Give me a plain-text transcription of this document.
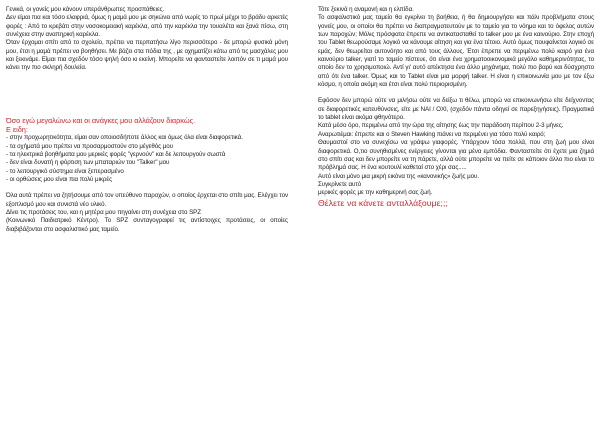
Γενικά, οι γονείς μου κάνουν υπεράνθρωπες προσπάθειες.

Δεν είμαι πια και τόσο ελαφριά, όμως η μαμά μου με σηκώνει από νωρίς το πρωί μέχρι το βράδυ αρκετές φορές : Από το κρεβάτι στην νοσοκομειακή καρέκλα, από την καρέκλα την τουαλέτα και ξανά πίσω, στη συνέχεια στην αναπηρική καρέκλα.

Όταν έρχομαι σπίτι από το σχολείο, πρέπει να περπατήσω λίγο περισσότερο - δε μπορώ φυσικά μόνη μου, έτσι η μαμά πρέπει να βοηθήσει. Με βάζει στα πόδια της , με οχηματίζει κάτω από τις μασχάλες μου και ξεκινάμε. Είμαι πια σχεδόν τόσο ψηλή όσο κι εκείνη. Μπορείτε να φανταστείτε λοιπόν σε τι μαμά μου κάνει την πιο σκληρή δουλεία.

Όσο εγώ μεγαλώνω και οι ανάγκες μου αλλάζουν διαρκώς.

Ε ειδη:

- στην προχωρητικότητα, είμαι σαν οποιοσδήποτε άλλος και όμως όλα είναι διαφορετικά.

- τα οχήματά μου πρέπει να προσαρμοστούν στο μέγεθός μου

- τα ηλεκτρικά βοηθήματα μου μερικές φορές "γερνούν" και δε λειτουργούν σωστά

- δεν είναι δυνατή η φόρτιση των μπαταριών του "Talker" μου

- το λειτουργικό σύστημα είναι ξεπερασμένο

- οι ορθώσεις μου είναι πια πολύ μικρές

Όλα αυτά πρέπει να ζητήσουμε από τον υπεύθυνο παροχών, ο οποίος έρχεται στο σπίτι μας. Ελέγχει τον εξοπλισμό μου και συνιστά νέο υλικό.

Δίνει τις προτάσεις του, και η μητέρα μου πηγαίνει στη συνέχεια στο SPZ

(Κοινωνικό Παιδιατρικό Κέντρο). Το SPZ συνταγογραφεί τις αντίστοιχες προτάσεις, οι οποίες διαβιβάζονται στο ασφαλιστικό μας ταμείο.

Τότε ξεκινά η αναμονή και η ελπίδα.

Το ασφαλιστικό μας ταμείο θα εγκρίνει τη βοήθεια, ή θα δημιουργήσει και πάλι προβλήματα στους γονείς μου, οι οποίοι θα πρέπει να διαπραγματευτούν με το ταμείο για το νόημα και το όφελος αυτών των παροχών; Μόλις πρόσφατα έπρεπε να αντικατασταθεί το talker μου με ένα καινούριο. Στην εποχή του Tablet θεωρούσαμε λογικό να κάνουμε αίτηση και για ένα τέτοιο. Αυτό όμως πουφαίνεται λογικό σε εμάς, δεν θεωρείται αυτονόητο και από τους άλλους. Έτσι έπρεπε να περιμένω πολύ καιρό για ένα καινούριο talker, γιατί το ταμείο πίστευε, ότι είναι ένα χρηματοοικονομικά μεγάλο καθημερινότητας, το οποίο δεν το χρησιμοποιώ. Αντί γι' αυτό απέκτησα ένα άλλο μηχάνημα, πολύ πιο βαρύ και δύσχρηστο από ότι ένα talker. Όμως και το Tablet είναι μια μορφή talker. Η είναι η επικοινωνία μου με τον έξω κόσμο, η οποία ακόμη και έτσι είναι πολύ περιορισμένη.

Εφόσον δεν μπορώ ούτε να μιλήσω ούτε να δείξω τι θέλω, μπορώ να επικοινωνήσω είτε δείχνοντας σε διαφορετικές κατευθύνσεις, είτε με ΝΑΙ / ΟΧΙ, (σχεδόν πάντα οδηγεί σε παρεξηγήσεις). Πραγματικά το tablet είναι ακόμα φθηνότερο.

Κατά μέσο όρο, περιμένω από την ώρα της αίτησης έως την παράδοση περίπου 2-3 μήνες.

Αναρωτιέμαι: έπρεπε και ο Steven Hawking πιάνει να περιμένει για τόσο πολύ καιρό;

Θαυμαστοί στο να συνεχίσω να γράψω γιαφορές. Υπάρχουν τόσα πολλά, που στη ζωή μου είναι διαφορετικά. Ο,τιο συνηθισμένες ενέργειες γίνονται για μένα εμπόδια. Φανταστείτε ότι έχετε μια ζημιά στο σπίτι σας και δεν μπορείτε να τη πάρετε, αλλά ούτε μπορείτε να πείτε σε κάποιον άλλο πιο είναι το πρόβλημά σας. Η ένα κουτουλί καθεταί στο χέρι σας.....

Αυτό είναι μόνο μια μικρή εικόνα της «κανονικής» ζωής μου.

Συγκρίνετε αυτό

μερικές φορές με την καθημερινή σας ζωή.

Θέλετε να κάνετε ανταλλάξουμε;;;
